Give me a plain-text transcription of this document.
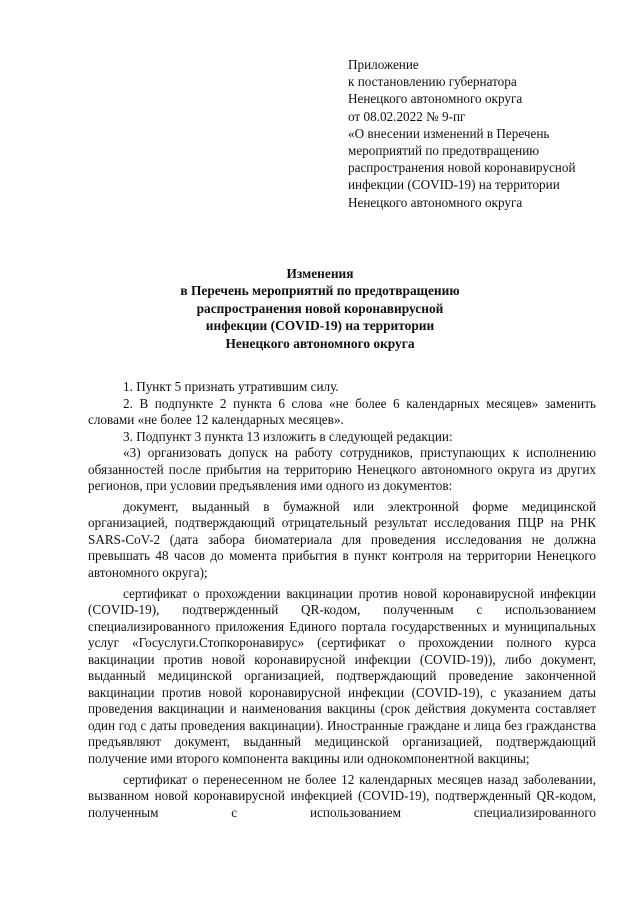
Приложение
к постановлению губернатора
Ненецкого автономного округа
от 08.02.2022 № 9-пг
«О внесении изменений в Перечень
мероприятий по предотвращению
распространения новой коронавирусной
инфекции (COVID-19) на территории
Ненецкого автономного округа
Изменения
в Перечень мероприятий по предотвращению
распространения новой коронавирусной
инфекции (COVID-19) на территории
Ненецкого автономного округа

1. Пункт 5 признать утратившим силу.

2. В подпункте 2 пункта 6 слова «не более 6 календарных месяцев» заменить словами «не более 12 календарных месяцев».

3. Подпункт 3 пункта 13 изложить в следующей редакции:

«3) организовать допуск на работу сотрудников, приступающих к исполнению обязанностей после прибытия на территорию Ненецкого автономного округа из других регионов, при условии предъявления ими одного из документов:

документ, выданный в бумажной или электронной форме медицинской организацией, подтверждающий отрицательный результат исследования ПЦР на РНК SARS-CoV-2 (дата забора биоматериала для проведения исследования не должна превышать 48 часов до момента прибытия в пункт контроля на территории Ненецкого автономного округа);

сертификат о прохождении вакцинации против новой коронавирусной инфекции (COVID-19), подтвержденный QR-кодом, полученным с использованием специализированного приложения Единого портала государственных и муниципальных услуг «Госуслуги.Стопкоронавирус» (сертификат о прохождении полного курса вакцинации против новой коронавирусной инфекции (COVID-19)), либо документ, выданный медицинской организацией, подтверждающий проведение законченной вакцинации против новой коронавирусной инфекции (COVID-19), с указанием даты проведения вакцинации и наименования вакцины (срок действия документа составляет один год с даты проведения вакцинации). Иностранные граждане и лица без гражданства предъявляют документ, выданный медицинской организацией, подтверждающий получение ими второго компонента вакцины или однокомпонентной вакцины;

сертификат о перенесенном не более 12 календарных месяцев назад заболевании, вызванном новой коронавирусной инфекцией (COVID-19), подтвержденный QR-кодом, полученным с использованием специализированного
